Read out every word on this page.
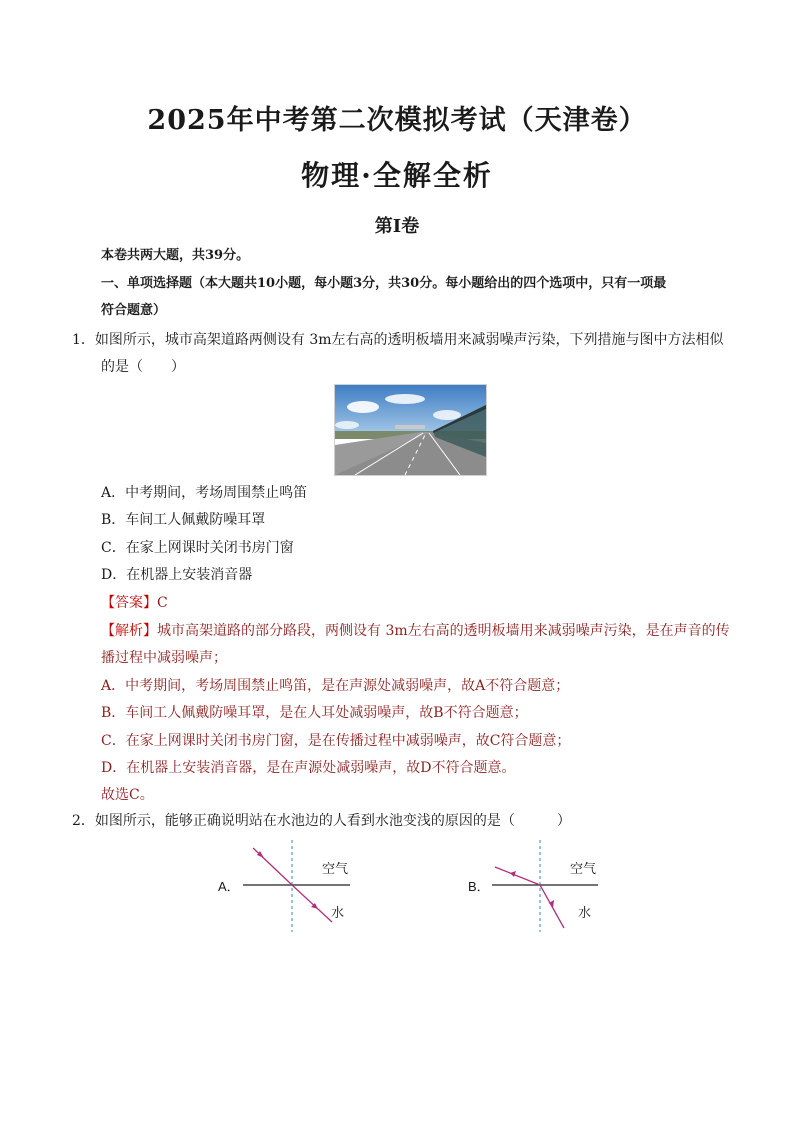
2025年中考第二次模拟考试（天津卷）
物理·全解全析
第Ⅰ卷
本卷共两大题，共39分。
一、单项选择题（本大题共10小题，每小题3分，共30分。每小题给出的四个选项中，只有一项最
符合题意）
1．如图所示，城市高架道路两侧设有 3m左右高的透明板墙用来减弱噪声污染，下列措施与图中方法相似
的是（　　）
A．中考期间，考场周围禁止鸣笛
B．车间工人佩戴防噪耳罩
C．在家上网课时关闭书房门窗
D．在机器上安装消音器
【答案】C
【解析】城市高架道路的部分路段，两侧设有 3m左右高的透明板墙用来减弱噪声污染，是在声音的传
播过程中减弱噪声；
A．中考期间，考场周围禁止鸣笛，是在声源处减弱噪声，故A不符合题意；
B．车间工人佩戴防噪耳罩，是在人耳处减弱噪声，故B不符合题意；
C．在家上网课时关闭书房门窗，是在传播过程中减弱噪声，故C符合题意；
D．在机器上安装消音器，是在声源处减弱噪声，故D不符合题意。
故选C。
2．如图所示，能够正确说明站在水池边的人看到水池变浅的原因的是（　　　）
A．
空气
水
B．
空气
水
